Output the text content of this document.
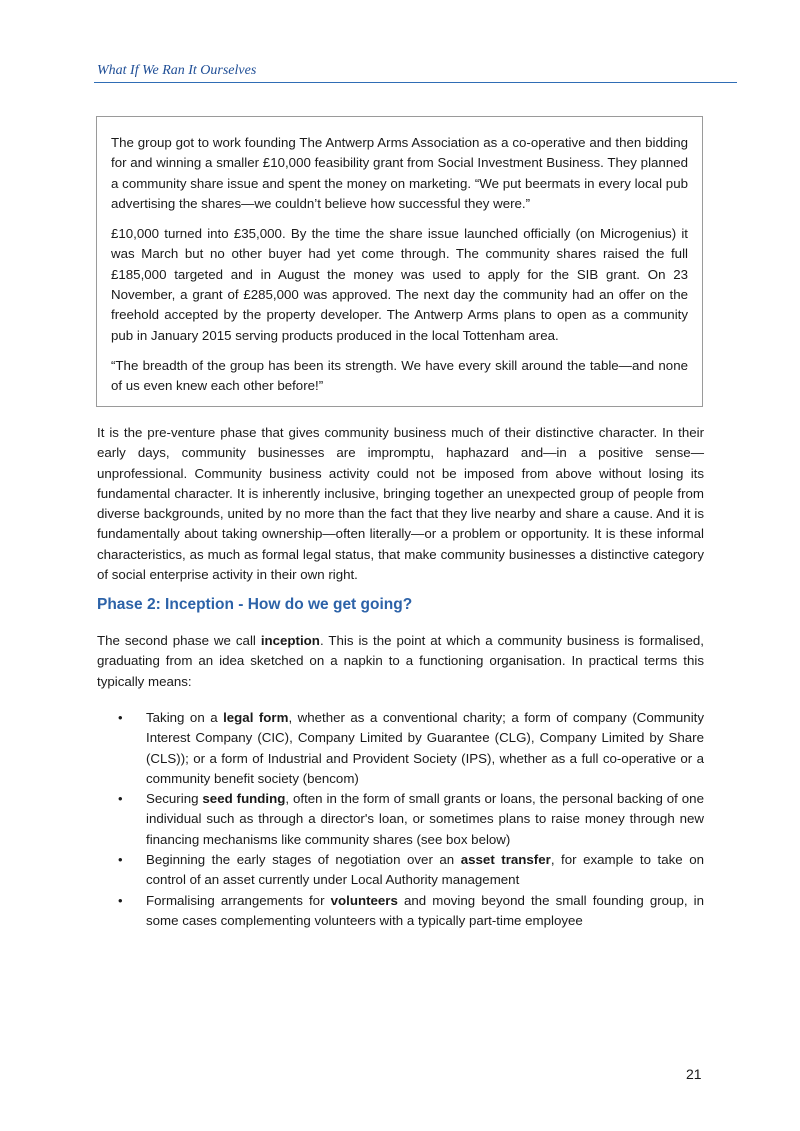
What If We Ran It Ourselves

The group got to work founding The Antwerp Arms Association as a co-operative and then bidding for and winning a smaller £10,000 feasibility grant from Social Investment Business. They planned a community share issue and spent the money on marketing. “We put beermats in every local pub advertising the shares—we couldn’t believe how successful they were.”

£10,000 turned into £35,000. By the time the share issue launched officially (on Microgenius) it was March but no other buyer had yet come through. The community shares raised the full £185,000 targeted and in August the money was used to apply for the SIB grant. On 23 November, a grant of £285,000 was approved. The next day the community had an offer on the freehold accepted by the property developer. The Antwerp Arms plans to open as a community pub in January 2015 serving products produced in the local Tottenham area.

“The breadth of the group has been its strength. We have every skill around the table—and none of us even knew each other before!”

It is the pre-venture phase that gives community business much of their distinctive character. In their early days, community businesses are impromptu, haphazard and—in a positive sense—unprofessional. Community business activity could not be imposed from above without losing its fundamental character. It is inherently inclusive, bringing together an unexpected group of people from diverse backgrounds, united by no more than the fact that they live nearby and share a cause. And it is fundamentally about taking ownership—often literally—or a problem or opportunity. It is these informal characteristics, as much as formal legal status, that make community businesses a distinctive category of social enterprise activity in their own right.

Phase 2: Inception - How do we get going?

The second phase we call inception. This is the point at which a community business is formalised, graduating from an idea sketched on a napkin to a functioning organisation. In practical terms this typically means:

• Taking on a legal form, whether as a conventional charity; a form of company (Community Interest Company (CIC), Company Limited by Guarantee (CLG), Company Limited by Share (CLS)); or a form of Industrial and Provident Society (IPS), whether as a full co-operative or a community benefit society (bencom)
• Securing seed funding, often in the form of small grants or loans, the personal backing of one individual such as through a director's loan, or sometimes plans to raise money through new financing mechanisms like community shares (see box below)
• Beginning the early stages of negotiation over an asset transfer, for example to take on control of an asset currently under Local Authority management
• Formalising arrangements for volunteers and moving beyond the small founding group, in some cases complementing volunteers with a typically part-time employee
21
